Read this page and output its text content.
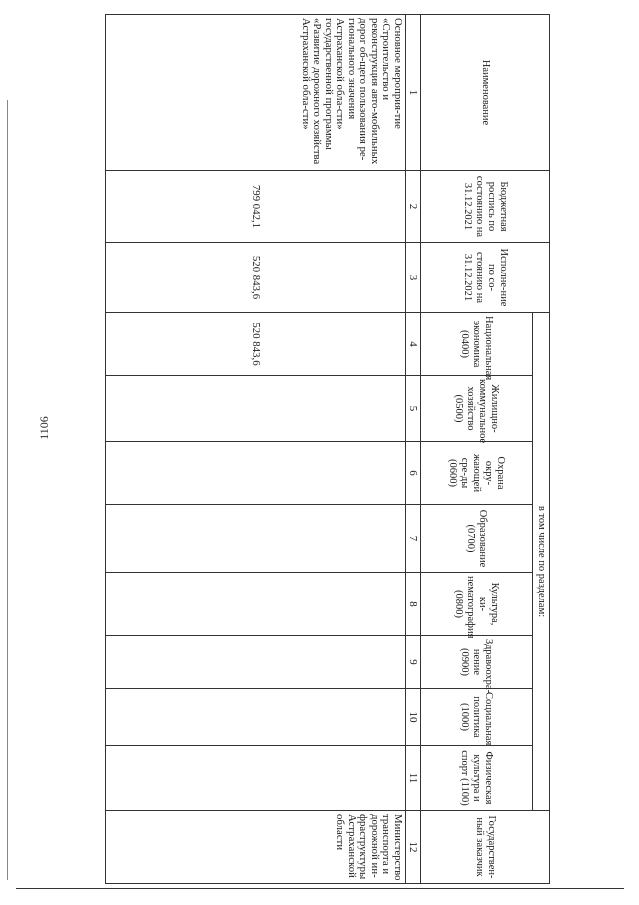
1106
Наименование	Бюджетная роспись по состоянию на 31.12.2021	Исполне-ние по со-стоянию на 31.12.2021	в том числе по разделам:								Государствен-ный заказчик
			Национальная экономика (0400)	Жилищно-коммунальное хозяйство (0500)	Охрана окру-жающей сре-ды (0600)	Образование (0700)	Культура, ки-нематография (0800)	Здравоохра-нение (0900)	Социальная политика (1000)	Физическая культура и спорт (1100)	
1	2	3	4	5	6	7	8	9	10	11	12
Основное мероприя-тие «Строительство и реконструкция авто-мобильных дорог об-щего пользования ре-гионального значения Астраханской обла-сти» государственной программы «Развитие дорожного хозяйства Астраханской обла-сти»	799 042,1	520 843,6	520 843,6								Министерство транспорта и дорожной ин-фраструктуры Астраханской области
